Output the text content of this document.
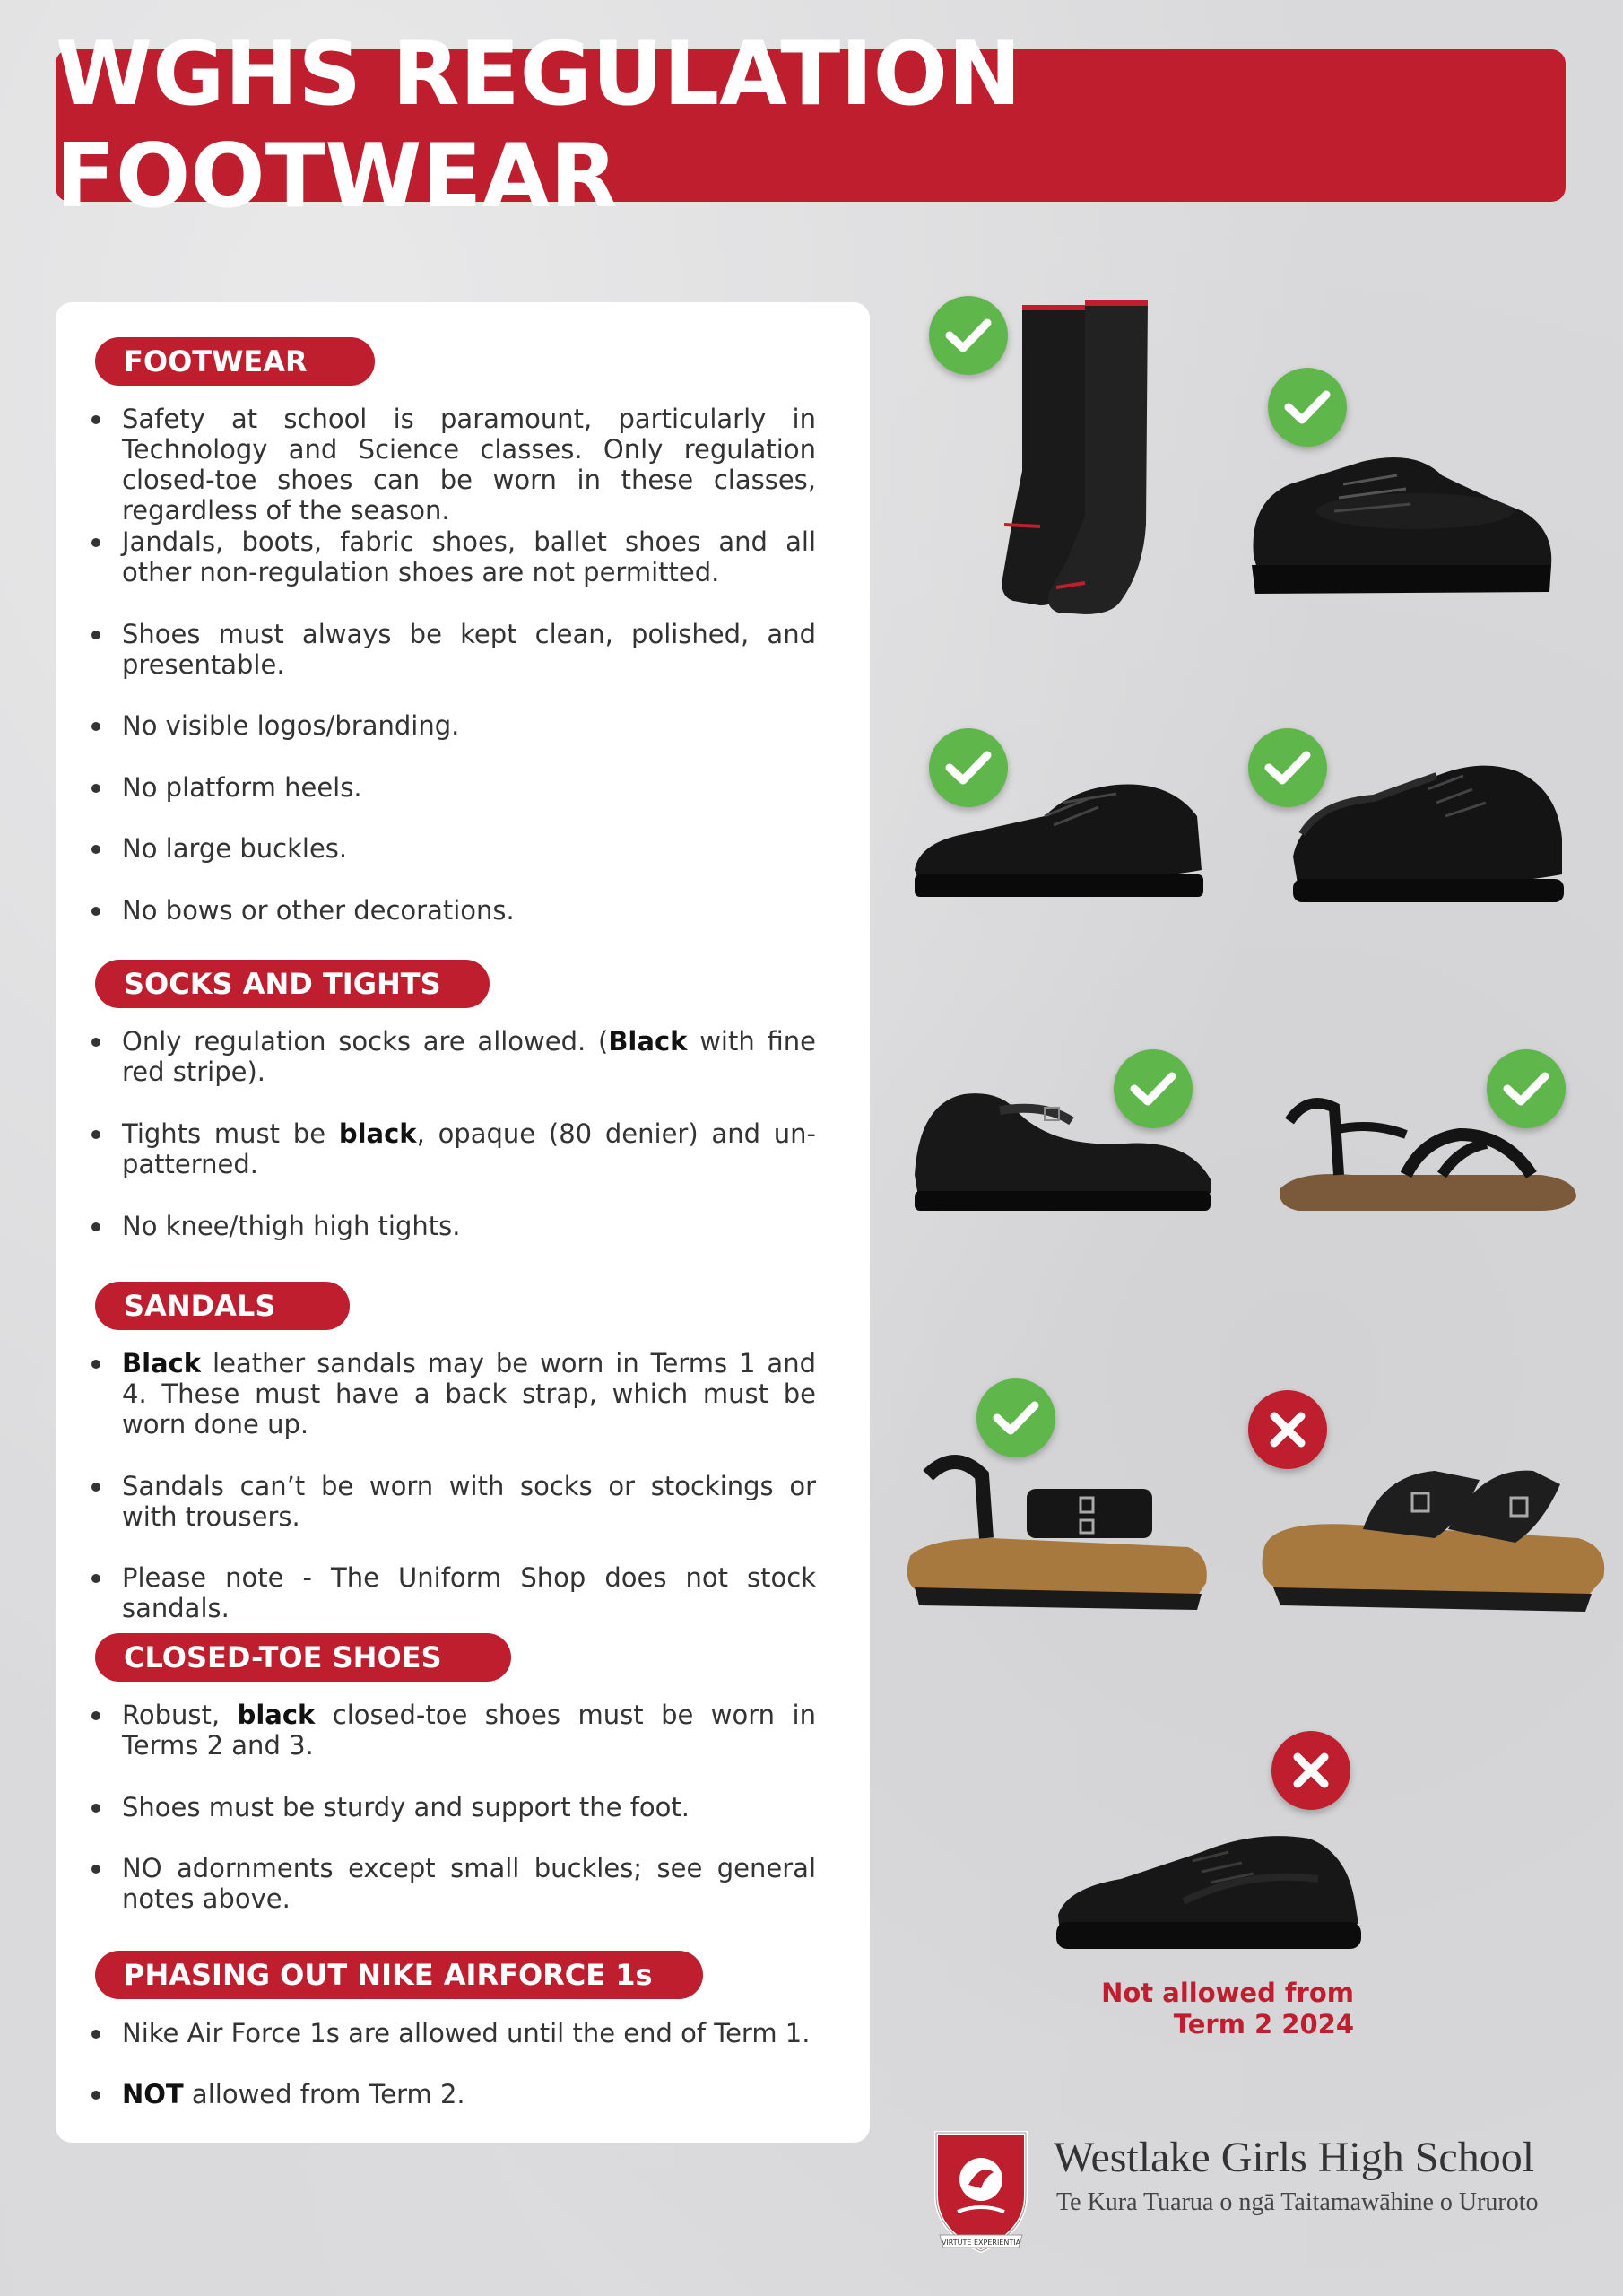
WGHS REGULATION FOOTWEAR
FOOTWEAR
Safety at school is paramount, particularly in Technology and Science classes. Only regulation closed-toe shoes can be worn in these classes, regardless of the season.
Jandals, boots, fabric shoes, ballet shoes and all other non-regulation shoes are not permitted.
Shoes must always be kept clean, polished, and presentable.
No visible logos/branding.
No platform heels.
No large buckles.
No bows or other decorations.
SOCKS AND TIGHTS
Only regulation socks are allowed. (Black with fine red stripe).
Tights must be black, opaque (80 denier) and un-patterned.
No knee/thigh high tights.
SANDALS
Black leather sandals may be worn in Terms 1 and 4. These must have a back strap, which must be worn done up.
Sandals can’t be worn with socks or stockings or with trousers.
Please note - The Uniform Shop does not stock sandals.
CLOSED-TOE SHOES
Robust, black closed-toe shoes must be worn in Terms 2 and 3.
Shoes must be sturdy and support the foot.
NO adornments except small buckles; see general notes above.
PHASING OUT NIKE AIRFORCE 1s
Nike Air Force 1s are allowed until the end of Term 1.
NOT allowed from Term 2.
Not allowed from
Term 2 2024
VIRTUTE EXPERIENTIA
Westlake Girls High School
Te Kura Tuarua o ngā Taitamawāhine o Ururoto
